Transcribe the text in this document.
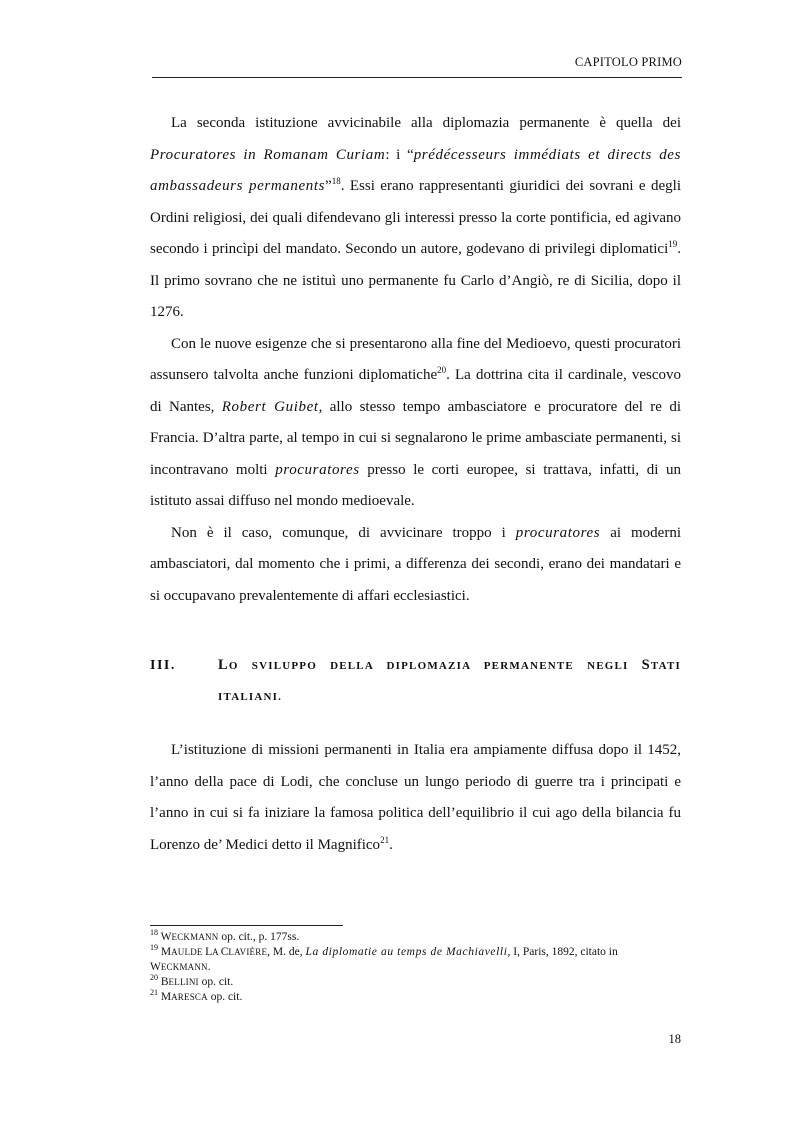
CAPITOLO PRIMO

La seconda istituzione avvicinabile alla diplomazia permanente è quella dei Procuratores in Romanam Curiam: i “prédécesseurs immédiats et directs des ambassadeurs permanents”$^{18}$. Essi erano rappresentanti giuridici dei sovrani e degli Ordini religiosi, dei quali difendevano gli interessi presso la corte pontificia, ed agivano secondo i princìpi del mandato. Secondo un autore, godevano di privilegi diplomatici$^{19}$. Il primo sovrano che ne istituì uno permanente fu Carlo d’Angiò, re di Sicilia, dopo il 1276.

Con le nuove esigenze che si presentarono alla fine del Medioevo, questi procuratori assunsero talvolta anche funzioni diplomatiche$^{20}$. La dottrina cita il cardinale, vescovo di Nantes, Robert Guibet, allo stesso tempo ambasciatore e procuratore del re di Francia. D’altra parte, al tempo in cui si segnalarono le prime ambasciate permanenti, si incontravano molti procuratores presso le corti europee, si trattava, infatti, di un istituto assai diffuso nel mondo medioevale.

Non è il caso, comunque, di avvicinare troppo i procuratores ai moderni ambasciatori, dal momento che i primi, a differenza dei secondi, erano dei mandatari e si occupavano prevalentemente di affari ecclesiastici.

III.	LO SVILUPPO DELLA DIPLOMAZIA PERMANENTE NEGLI STATI ITALIANI.

L’istituzione di missioni permanenti in Italia era ampiamente diffusa dopo il 1452, l’anno della pace di Lodi, che concluse un lungo periodo di guerre tra i principati e l’anno in cui si fa iniziare la famosa politica dell’equilibrio il cui ago della bilancia fu Lorenzo de’ Medici detto il Magnifico$^{21}$.

$^{18}$ WECKMANN op. cit., p. 177ss.
$^{19}$ MAULDE LA CLAVIÈRE, M. de, La diplomatie au temps de Machiavelli, I, Paris, 1892, citato in WECKMANN.
$^{20}$ BELLINI op. cit.
$^{21}$ MARESCA op. cit.
18
